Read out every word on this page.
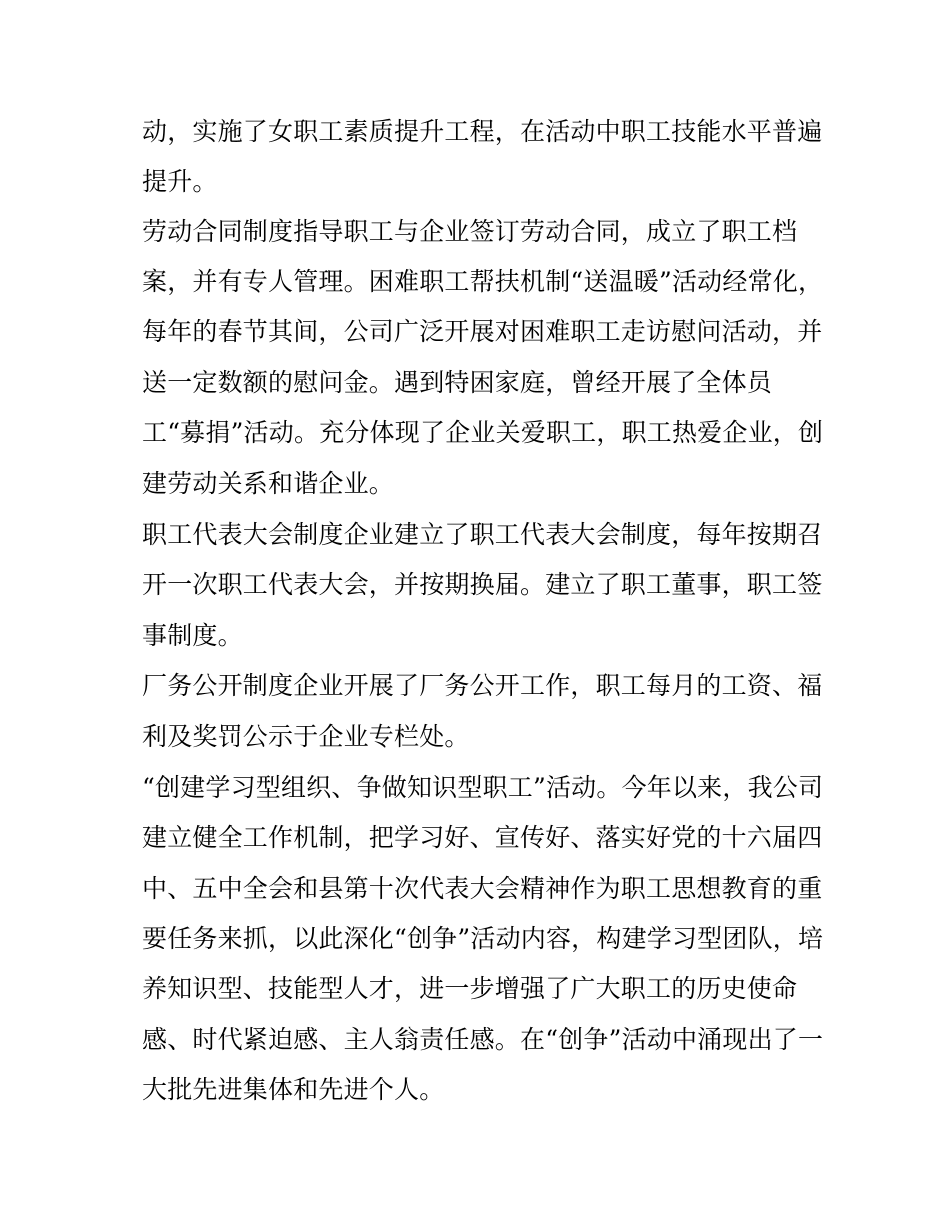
动，实施了女职工素质提升工程，在活动中职工技能水平普遍
提升。
劳动合同制度指导职工与企业签订劳动合同，成立了职工档
案，并有专人管理。困难职工帮扶机制“送温暖”活动经常化，
每年的春节其间，公司广泛开展对困难职工走访慰问活动，并
送一定数额的慰问金。遇到特困家庭，曾经开展了全体员
工“募捐”活动。充分体现了企业关爱职工，职工热爱企业，创
建劳动关系和谐企业。
职工代表大会制度企业建立了职工代表大会制度，每年按期召
开一次职工代表大会，并按期换届。建立了职工董事，职工签
事制度。
厂务公开制度企业开展了厂务公开工作，职工每月的工资、福
利及奖罚公示于企业专栏处。
“创建学习型组织、争做知识型职工”活动。今年以来，我公司
建立健全工作机制，把学习好、宣传好、落实好党的十六届四
中、五中全会和县第十次代表大会精神作为职工思想教育的重
要任务来抓，以此深化“创争”活动内容，构建学习型团队，培
养知识型、技能型人才，进一步增强了广大职工的历史使命
感、时代紧迫感、主人翁责任感。在“创争”活动中涌现出了一
大批先进集体和先进个人。
